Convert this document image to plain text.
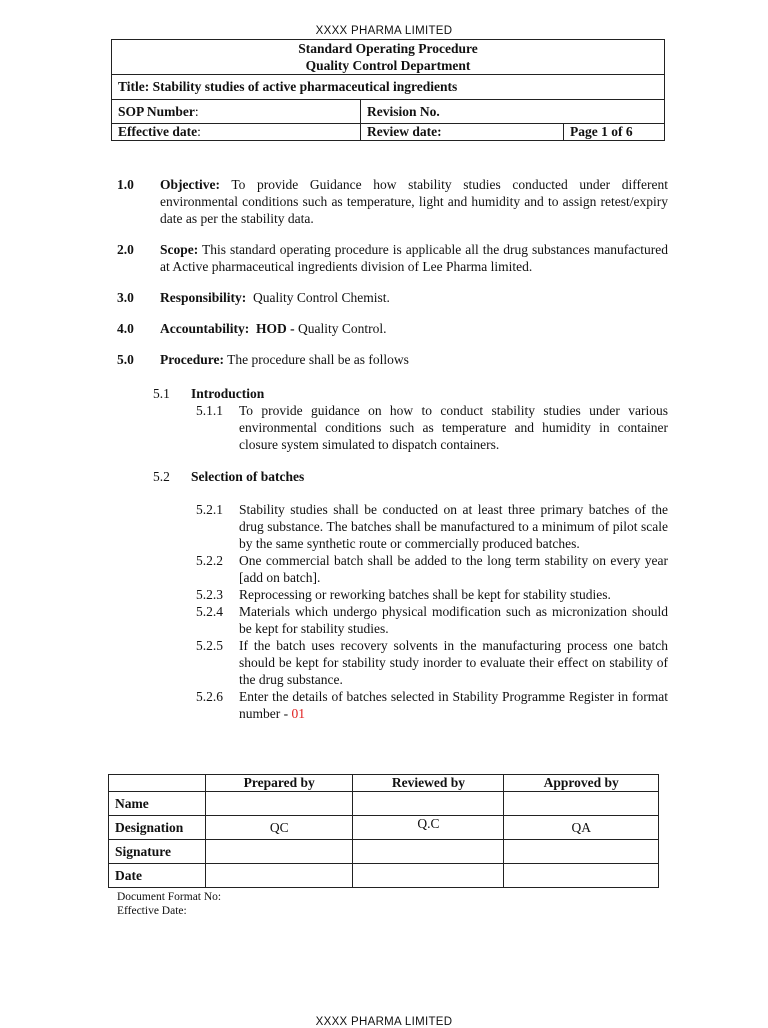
XXXX PHARMA LIMITED
Standard Operating Procedure
Quality Control Department		

Title: Stability studies of active pharmaceutical ingredients		
SOP Number:	Revision No.	
Effective date:	Review date:	Page 1 of 6
1.0	Objective: To provide Guidance how stability studies conducted under different environmental conditions such as temperature, light and humidity and to assign retest/expiry date as per the stability data.
2.0	Scope: This standard operating procedure is applicable all the drug substances manufactured at Active pharmaceutical ingredients division of Lee Pharma limited.
3.0	Responsibility:  Quality Control Chemist.
4.0	Accountability:  HOD - Quality Control.
5.0	Procedure: The procedure shall be as follows
5.1	Introduction
5.1.1	To provide guidance on how to conduct stability studies under various environmental conditions such as temperature and humidity in container closure system simulated to dispatch containers.
5.2	Selection of batches
5.2.1	Stability studies shall be conducted on at least three primary batches of the drug substance. The batches shall be manufactured to a minimum of pilot scale by the same synthetic route or commercially produced batches.
5.2.2	One commercial batch shall be added to the long term stability on every year [add on batch].
5.2.3	Reprocessing or reworking batches shall be kept for stability studies.
5.2.4	Materials which undergo physical modification such as micronization should be kept for stability studies.
5.2.5	If the batch uses recovery solvents in the manufacturing process one batch should be kept for stability study inorder to evaluate their effect on stability of the drug substance.
5.2.6	Enter the details of batches selected in Stability Programme Register in format number - 01
	Prepared by	Reviewed by	Approved by
Name			
Designation	QC	Q.C	QA
Signature			
Date			
Document Format No:
Effective Date:
XXXX PHARMA LIMITED
